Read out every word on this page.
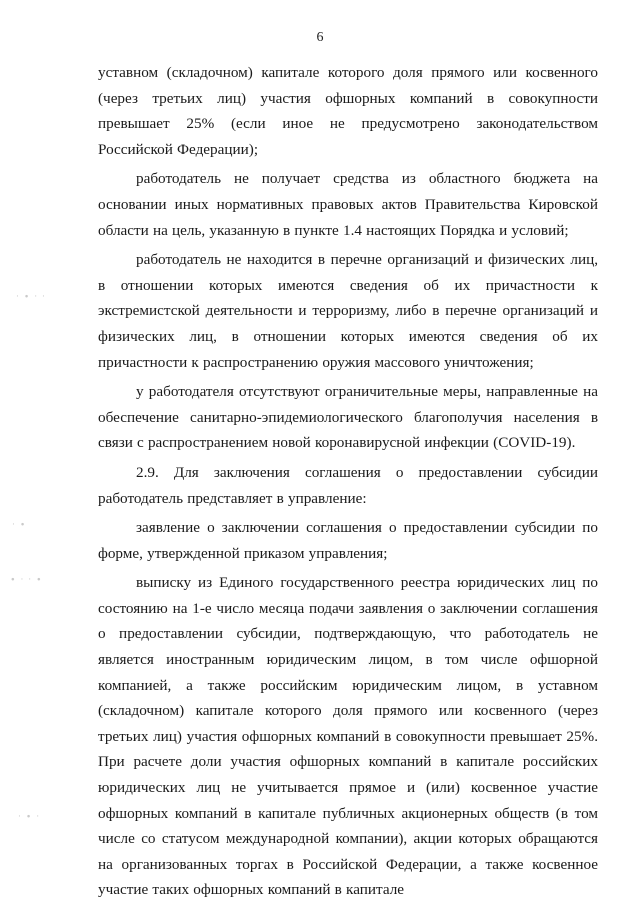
6
· ∙ · ·
· ∙
∙ · · ∙
· ∙ ·

уставном (складочном) капитале которого доля прямого или косвенного (через третьих лиц) участия офшорных компаний в совокупности превышает 25% (если иное не предусмотрено законодательством Российской Федерации);

работодатель не получает средства из областного бюджета на основании иных нормативных правовых актов Правительства Кировской области на цель, указанную в пункте 1.4 настоящих Порядка и условий;

работодатель не находится в перечне организаций и физических лиц, в отношении которых имеются сведения об их причастности к экстремистской деятельности и терроризму, либо в перечне организаций и физических лиц, в отношении которых имеются сведения об их причастности к распространению оружия массового уничтожения;

у работодателя отсутствуют ограничительные меры, направленные на обеспечение санитарно-эпидемиологического благополучия населения в связи с распространением новой коронавирусной инфекции (COVID-19).

2.9. Для заключения соглашения о предоставлении субсидии работодатель представляет в управление:

заявление о заключении соглашения о предоставлении субсидии по форме, утвержденной приказом управления;

выписку из Единого государственного реестра юридических лиц по состоянию на 1-е число месяца подачи заявления о заключении соглашения о предоставлении субсидии, подтверждающую, что работодатель не является иностранным юридическим лицом, в том числе офшорной компанией, а также российским юридическим лицом, в уставном (складочном) капитале которого доля прямого или косвенного (через третьих лиц) участия офшорных компаний в совокупности превышает 25%. При расчете доли участия офшорных компаний в капитале российских юридических лиц не учитывается прямое и (или) косвенное участие офшорных компаний в капитале публичных акционерных обществ (в том числе со статусом международной компании), акции которых обращаются на организованных торгах в Российской Федерации, а также косвенное участие таких офшорных компаний в капитале
